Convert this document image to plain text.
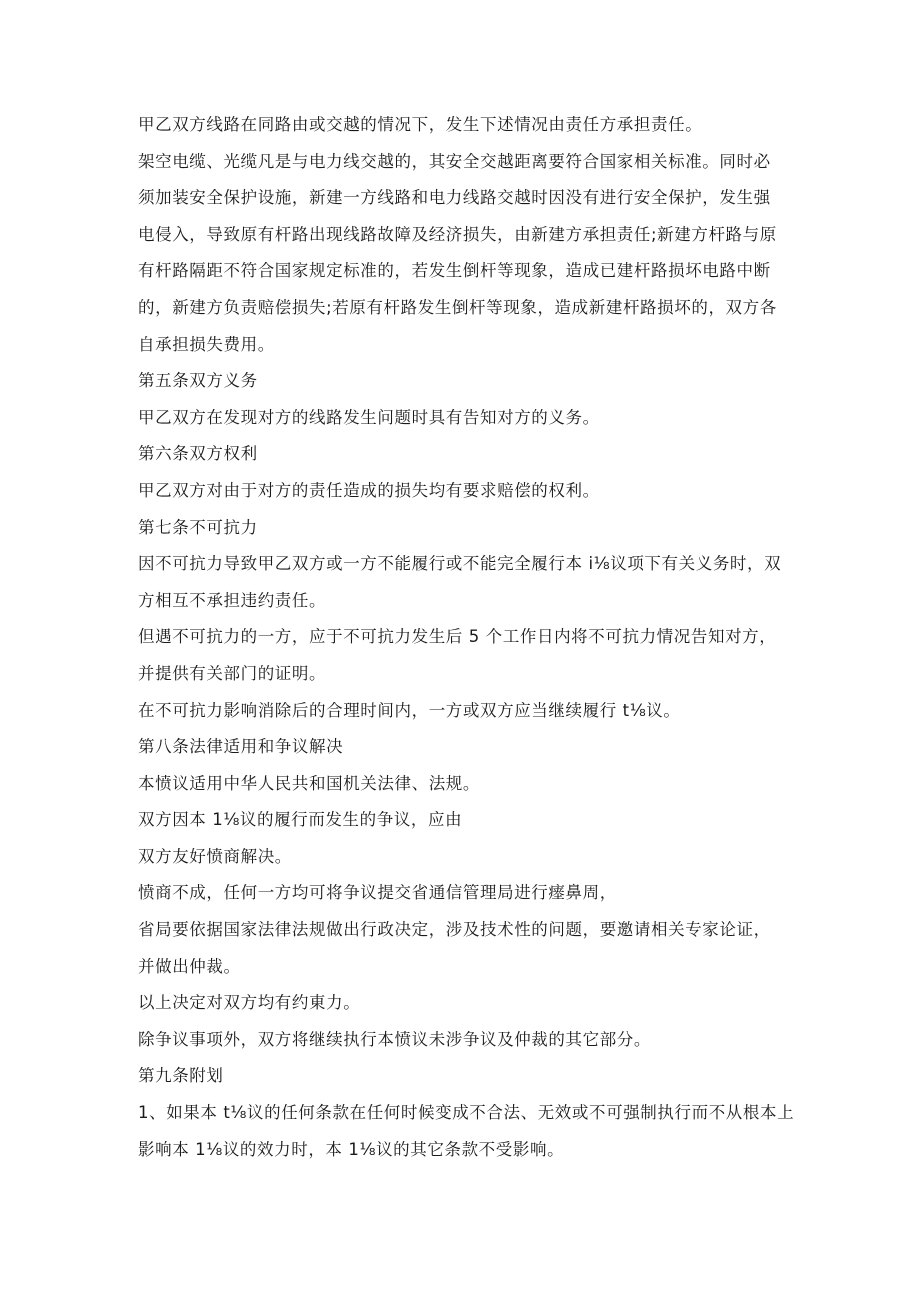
甲乙双方线路在同路由或交越的情况下，发生下述情况由责任方承担责任。
架空电缆、光缆凡是与电力线交越的，其安全交越距离要符合国家相关标准。同时必
须加装安全保护设施，新建一方线路和电力线路交越时因没有进行安全保护，发生强
电侵入，导致原有杆路出现线路故障及经济损失，由新建方承担责任;新建方杆路与原
有杆路隔距不符合国家规定标准的，若发生倒杆等现象，造成已建杆路损坏电路中断
的，新建方负责赔偿损失;若原有杆路发生倒杆等现象，造成新建杆路损坏的，双方各
自承担损失费用。
第五条双方义务
甲乙双方在发现对方的线路发生问题时具有告知对方的义务。
第六条双方权利
甲乙双方对由于对方的责任造成的损失均有要求赔偿的权利。
第七条不可抗力
因不可抗力导致甲乙双方或一方不能履行或不能完全履行本 i⅛议项下有关义务时，双
方相互不承担违约责任。
但遇不可抗力的一方，应于不可抗力发生后 5 个工作日内将不可抗力情况告知对方，
并提供有关部门的证明。
在不可抗力影响消除后的合理时间内，一方或双方应当继续履行 t⅛议。
第八条法律适用和争议解决
本愤议适用中华人民共和国机关法律、法规。
双方因本 1⅛议的履行而发生的争议，应由
双方友好愤商解决。
愤商不成，任何一方均可将争议提交省通信管理局进行瘗鼻周，
省局要依据国家法律法规做出行政决定，涉及技术性的问题，要邀请相关专家论证，
并做出仲裁。
以上决定对双方均有约東力。
除争议事项外，双方将继续执行本愤议未涉争议及仲裁的其它部分。
第九条附划
1、如果本 t⅛议的任何条款在任何时候变成不合法、无效或不可强制执行而不从根本上
影响本 1⅛议的效力时，本 1⅛议的其它条款不受影响。
